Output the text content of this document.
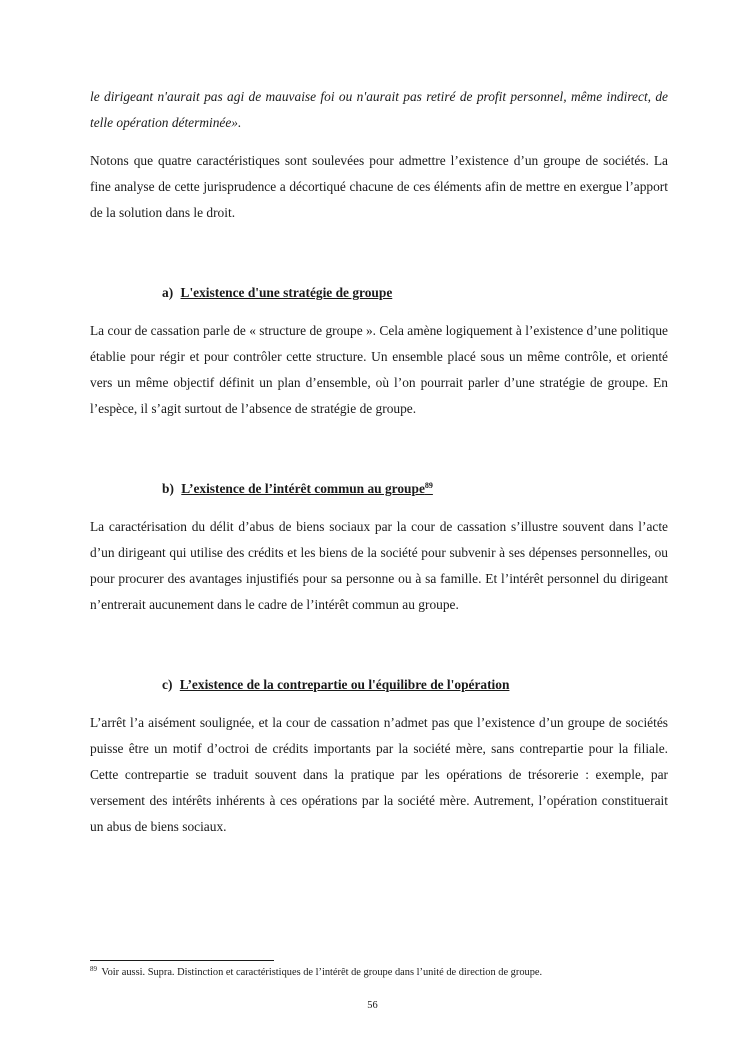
le dirigeant n'aurait pas agi de mauvaise foi ou n'aurait pas retiré de profit personnel, même indirect, de telle opération déterminée».

Notons que quatre caractéristiques sont soulevées pour admettre l’existence d’un groupe de sociétés. La fine analyse de cette jurisprudence a décortiqué chacune de ces éléments afin de mettre en exergue l’apport de la solution dans le droit.

a) L'existence d'une stratégie de groupe

La cour de cassation parle de « structure de groupe ». Cela amène logiquement à l’existence d’une politique établie pour régir et pour contrôler cette structure. Un ensemble placé sous un même contrôle, et orienté vers un même objectif définit un plan d’ensemble, où l’on pourrait parler d’une stratégie de groupe. En l’espèce, il s’agit surtout de l’absence de stratégie de groupe.

b) L’existence de l’intérêt commun au groupe$^{89}$

La caractérisation du délit d’abus de biens sociaux par la cour de cassation s’illustre souvent dans l’acte d’un dirigeant qui utilise des crédits et les biens de la société pour subvenir à ses dépenses personnelles, ou pour procurer des avantages injustifiés pour sa personne ou à sa famille. Et l’intérêt personnel du dirigeant n’entrerait aucunement dans le cadre de l’intérêt commun au groupe.

c) L’existence de la contrepartie ou l'équilibre de l'opération

L’arrêt l’a aisément soulignée, et la cour de cassation n’admet pas que l’existence d’un groupe de sociétés puisse être un motif d’octroi de crédits importants par la société mère, sans contrepartie pour la filiale. Cette contrepartie se traduit souvent dans la pratique par les opérations de trésorerie : exemple, par versement des intérêts inhérents à ces opérations par la société mère. Autrement, l’opération constituerait un abus de biens sociaux.

$^{89}$ Voir aussi. Supra. Distinction et caractéristiques de l’intérêt de groupe dans l’unité de direction de groupe.
56
